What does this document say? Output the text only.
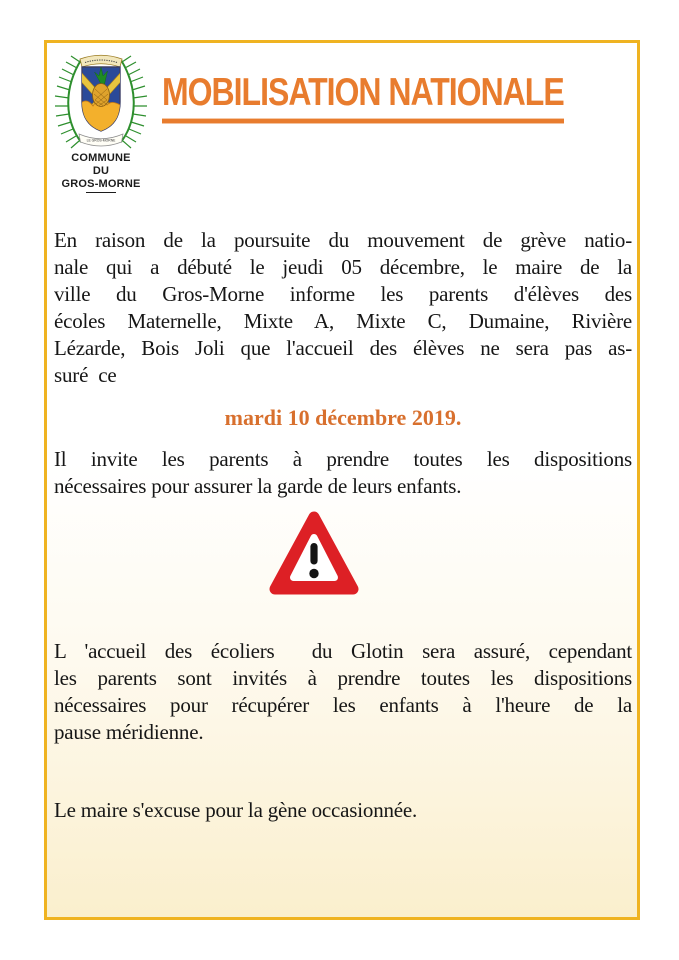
LE GROS-MORNE
COMMUNE
DU
GROS-MORNE
MOBILISATION NATIONALE
En raison de la poursuite du mouvement de grève natio-
nale qui a débuté le jeudi 05 décembre, le maire de la
ville du Gros-Morne informe les parents d'élèves des
écoles Maternelle, Mixte A, Mixte C, Dumaine, Rivière
Lézarde, Bois Joli que l'accueil des élèves ne sera pas as-
suré  ce
mardi 10 décembre 2019.
Il invite les parents à prendre toutes les dispositions
nécessaires pour assurer la garde de leurs enfants.
L 'accueil des écoliers  du Glotin sera assuré, cependant
les parents sont invités à prendre toutes les dispositions
nécessaires pour récupérer les enfants à l'heure de la
pause méridienne.
Le maire s'excuse pour la gène occasionnée.
